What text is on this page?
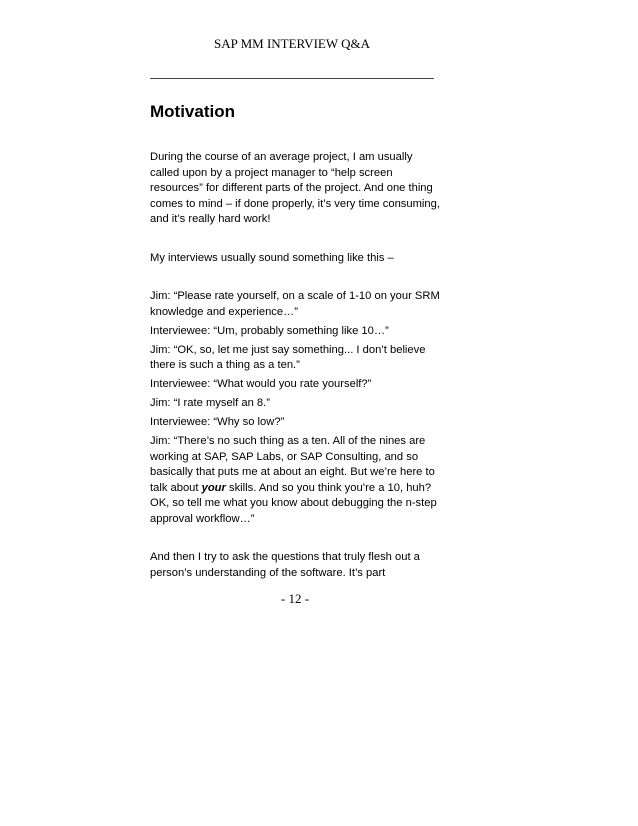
SAP MM INTERVIEW Q&A
Motivation

During the course of an average project, I am usually called upon by a project manager to “help screen resources” for different parts of the project. And one thing comes to mind – if done properly, it’s very time consuming, and it’s really hard work!

My interviews usually sound something like this –

Jim: “Please rate yourself, on a scale of 1-10 on your SRM knowledge and experience…”

Interviewee: “Um, probably something like 10…”

Jim: “OK, so, let me just say something... I don’t believe there is such a thing as a ten.”

Interviewee: “What would you rate yourself?”

Jim: “I rate myself an 8.”

Interviewee: “Why so low?”

Jim: “There’s no such thing as a ten. All of the nines are working at SAP, SAP Labs, or SAP Consulting, and so basically that puts me at about an eight. But we’re here to talk about your skills. And so you think you’re a 10, huh? OK, so tell me what you know about debugging the n-step approval workflow…”

And then I try to ask the questions that truly flesh out a person’s understanding of the software. It’s part

- 12 -
